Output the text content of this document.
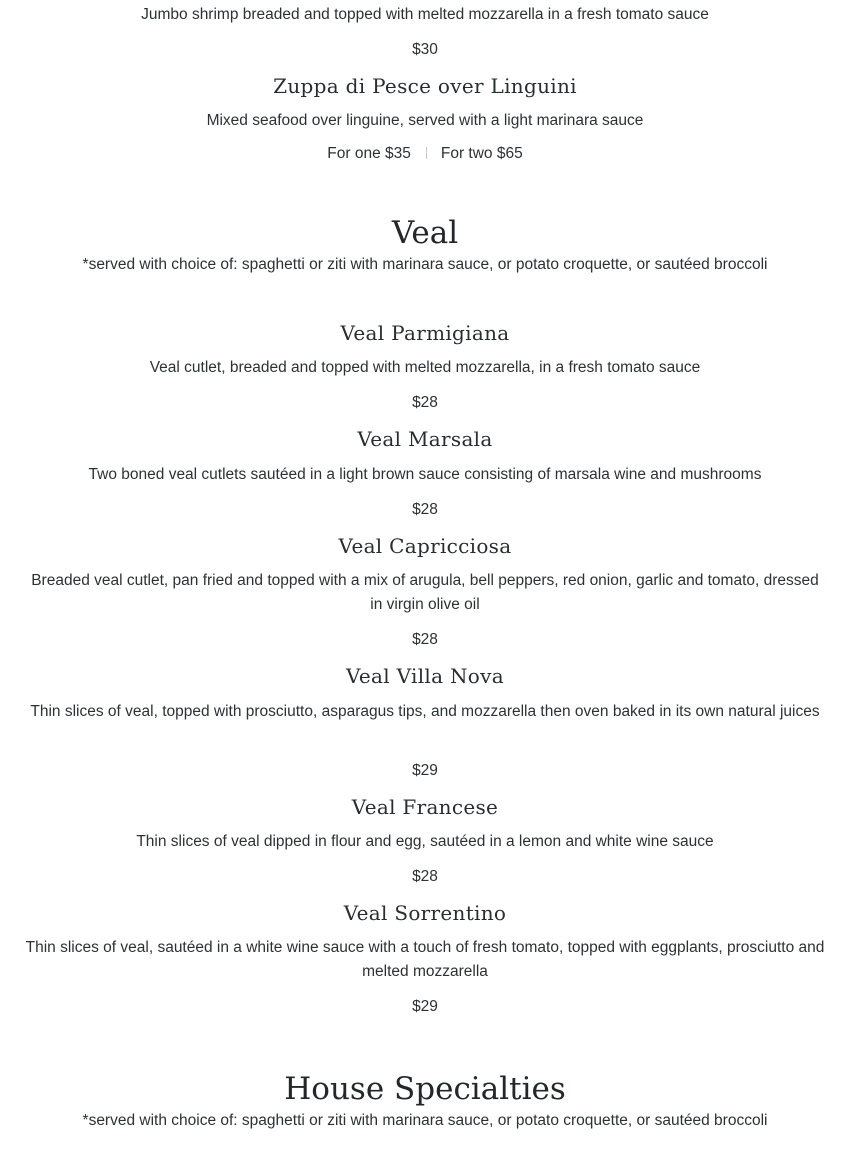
Jumbo shrimp breaded and topped with melted mozzarella in a fresh tomato sauce
$30
Zuppa di Pesce over Linguini
Mixed seafood over linguine, served with a light marinara sauce
For one $35 For two $65
Veal
*served with choice of: spaghetti or ziti with marinara sauce, or potato croquette, or sautéed broccoli
Veal Parmigiana
Veal cutlet, breaded and topped with melted mozzarella, in a fresh tomato sauce
$28
Veal Marsala
Two boned veal cutlets sautéed in a light brown sauce consisting of marsala wine and mushrooms
$28
Veal Capricciosa
Breaded veal cutlet, pan fried and topped with a mix of arugula, bell peppers, red onion, garlic and tomato, dressed in virgin olive oil
$28
Veal Villa Nova
Thin slices of veal, topped with prosciutto, asparagus tips, and mozzarella then oven baked in its own natural juices
$29
Veal Francese
Thin slices of veal dipped in flour and egg, sautéed in a lemon and white wine sauce
$28
Veal Sorrentino
Thin slices of veal, sautéed in a white wine sauce with a touch of fresh tomato, topped with eggplants, prosciutto and melted mozzarella
$29
House Specialties
*served with choice of: spaghetti or ziti with marinara sauce, or potato croquette, or sautéed broccoli
